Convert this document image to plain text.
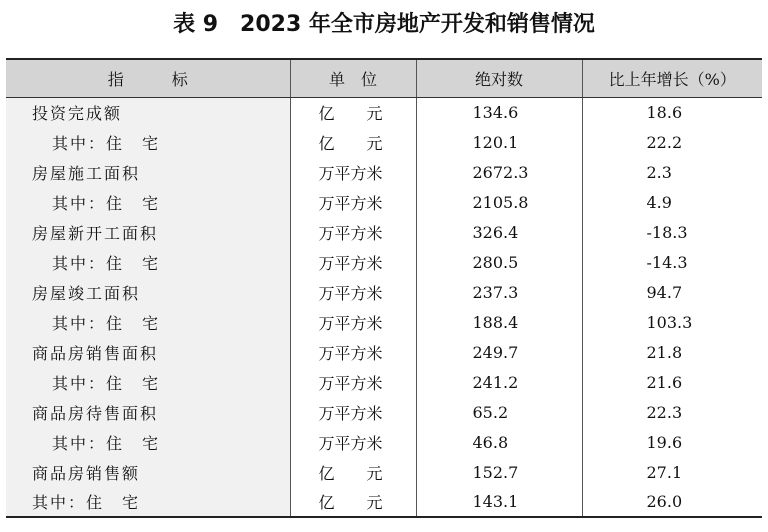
表 9 2023 年全市房地产开发和销售情况
指　　　标	单　位	绝对数	比上年增长（%）
投资完成额	亿　　元	134.6	18.6
其中：住　宅	亿　　元	120.1	22.2
房屋施工面积	万平方米	2672.3	2.3
其中：住　宅	万平方米	2105.8	4.9
房屋新开工面积	万平方米	326.4	-18.3
其中：住　宅	万平方米	280.5	-14.3
房屋竣工面积	万平方米	237.3	94.7
其中：住　宅	万平方米	188.4	103.3
商品房销售面积	万平方米	249.7	21.8
其中：住　宅	万平方米	241.2	21.6
商品房待售面积	万平方米	65.2	22.3
其中：住　宅	万平方米	46.8	19.6
商品房销售额	亿　　元	152.7	27.1
其中：住　宅	亿　　元	143.1	26.0
